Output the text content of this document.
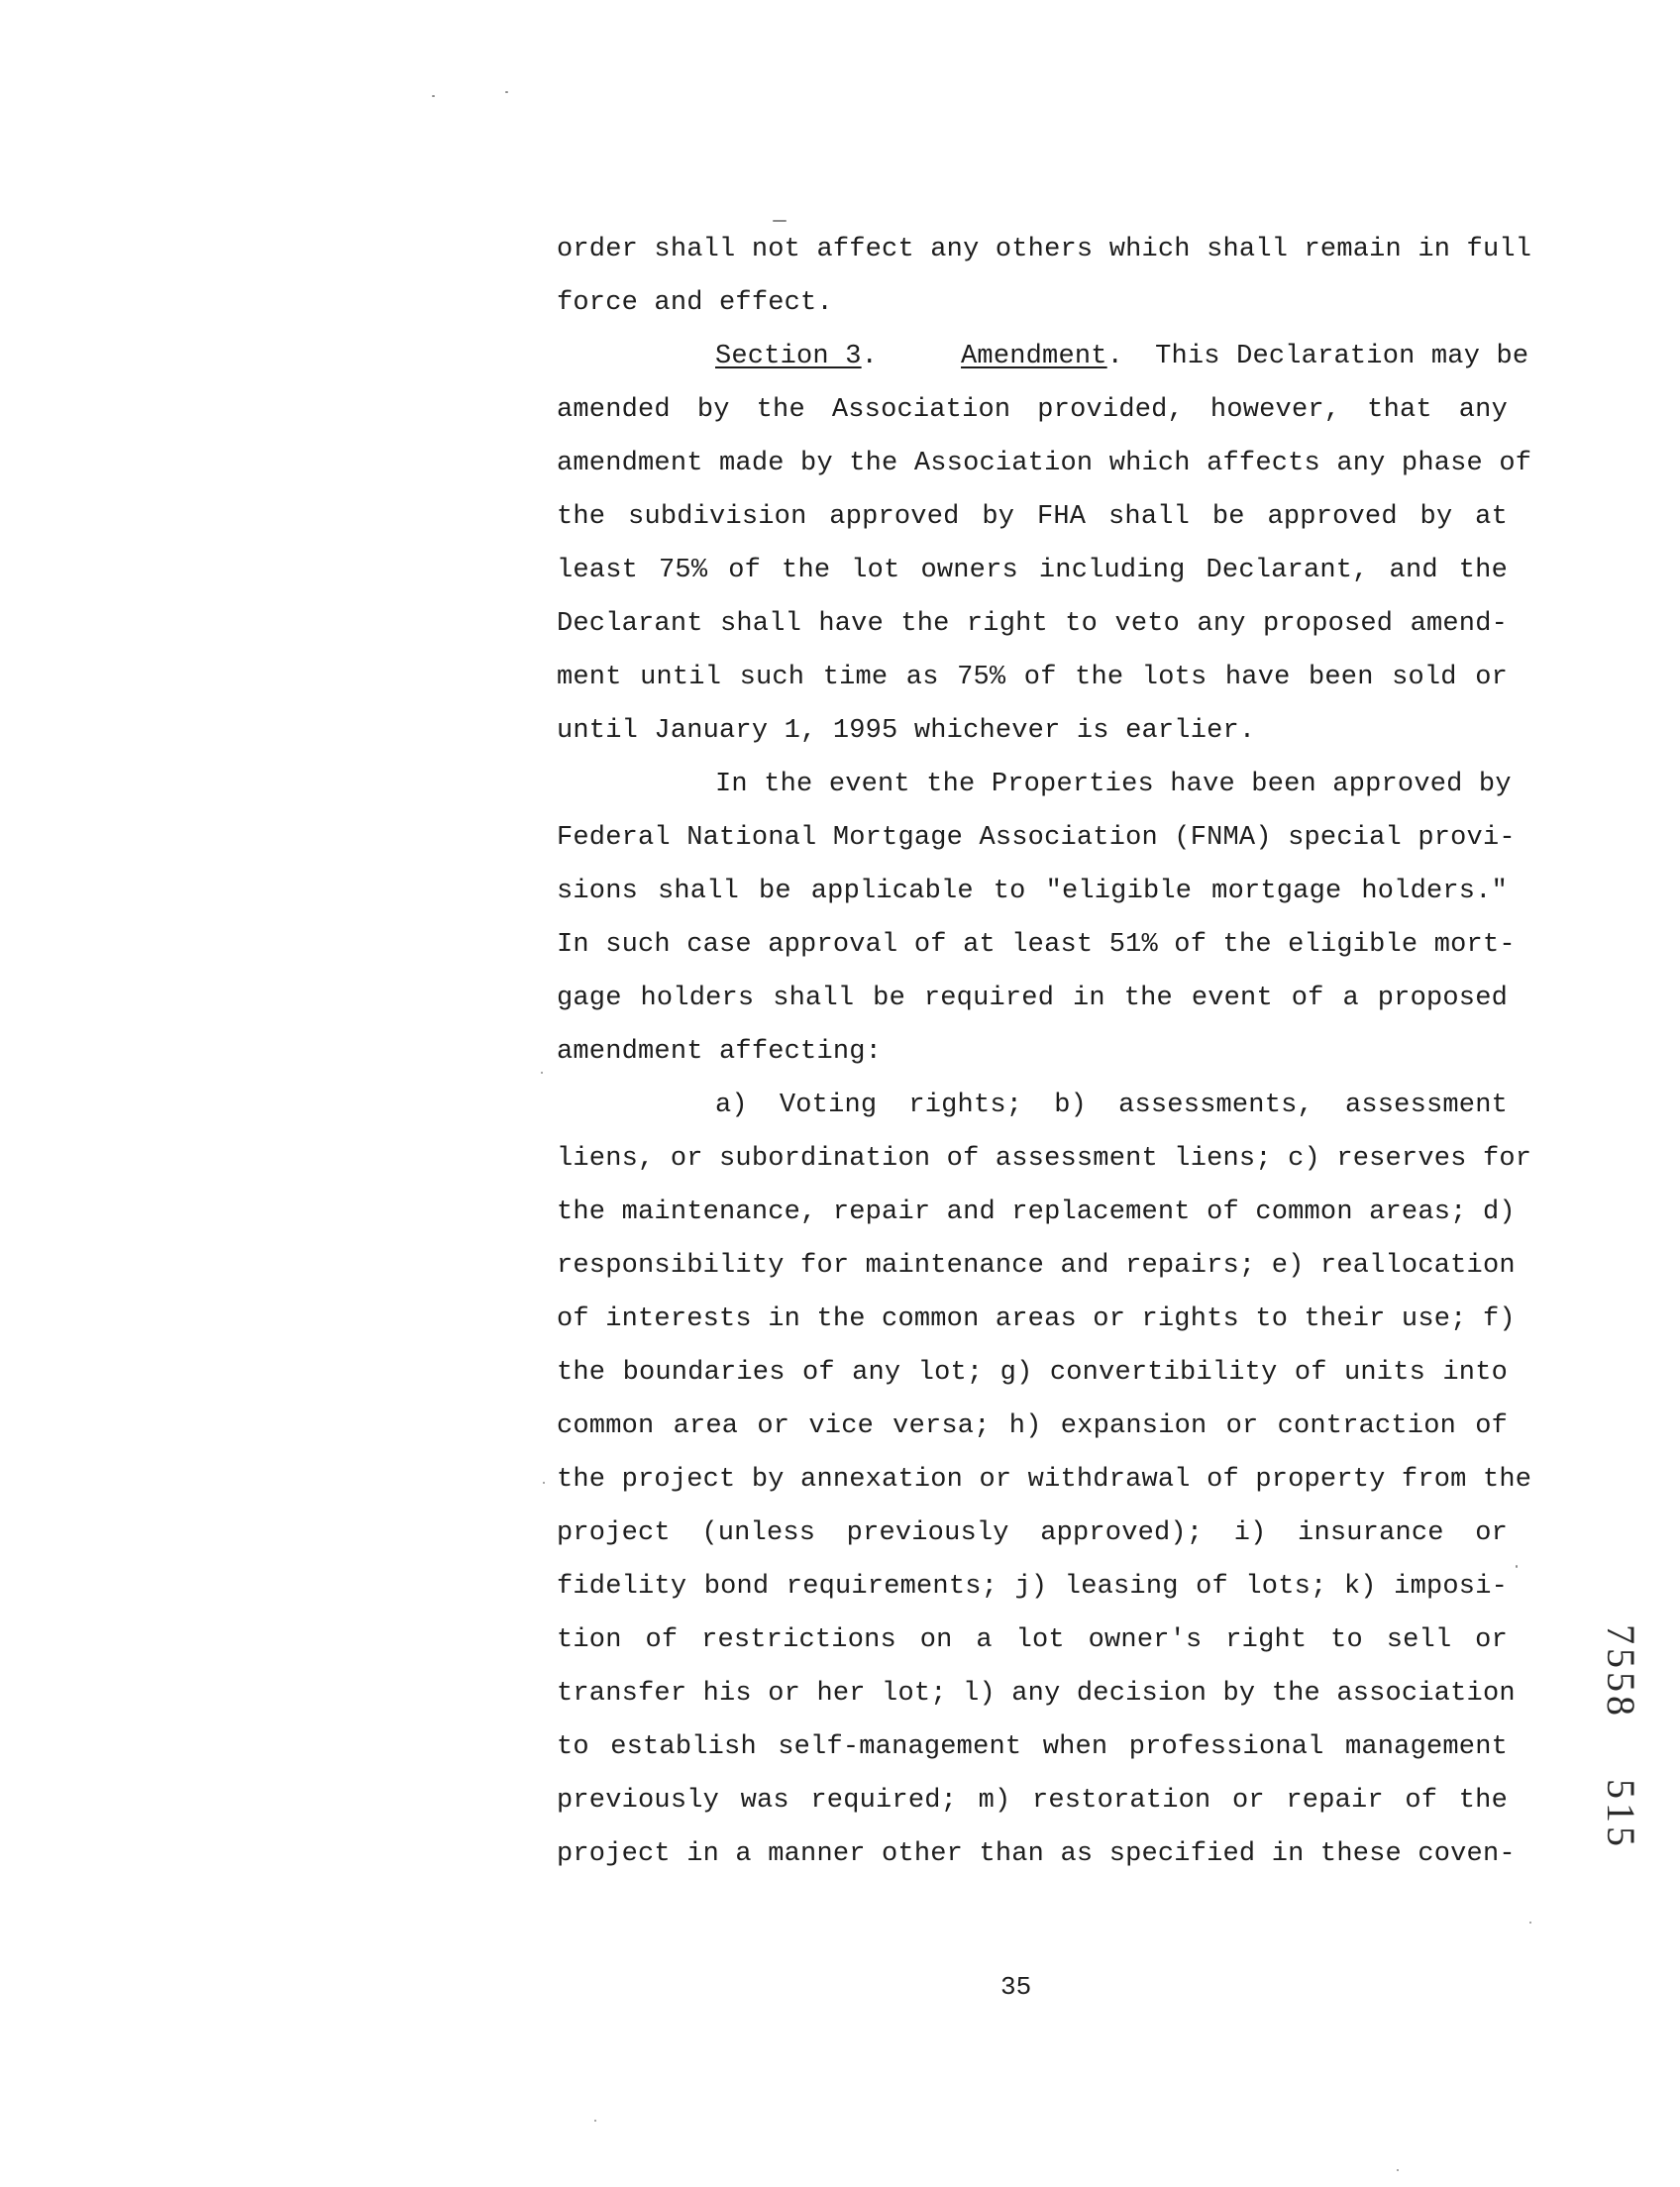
order shall not affect any others which shall remain in full
force and effect.
Section 3.	Amendment. This Declaration may be
amended by the Association provided, however, that any
amendment made by the Association which affects any phase of
the subdivision approved by FHA shall be approved by at
least 75% of the lot owners including Declarant, and the
Declarant shall have the right to veto any proposed amend-
ment until such time as 75% of the lots have been sold or
until January 1, 1995 whichever is earlier.
In the event the Properties have been approved by
Federal National Mortgage Association (FNMA) special provi-
sions shall be applicable to "eligible mortgage holders."
In such case approval of at least 51% of the eligible mort-
gage holders shall be required in the event of a proposed
amendment affecting:
a) Voting rights; b) assessments, assessment
liens, or subordination of assessment liens; c) reserves for
the maintenance, repair and replacement of common areas; d)
responsibility for maintenance and repairs; e) reallocation
of interests in the common areas or rights to their use; f)
the boundaries of any lot; g) convertibility of units into
common area or vice versa; h) expansion or contraction of
the project by annexation or withdrawal of property from the
project (unless previously approved); i) insurance or
fidelity bond requirements; j) leasing of lots; k) imposi-
tion of restrictions on a lot owner's right to sell or
transfer his or her lot; l) any decision by the association
to establish self-management when professional management
previously was required; m) restoration or repair of the
project in a manner other than as specified in these coven-
35
7558515
